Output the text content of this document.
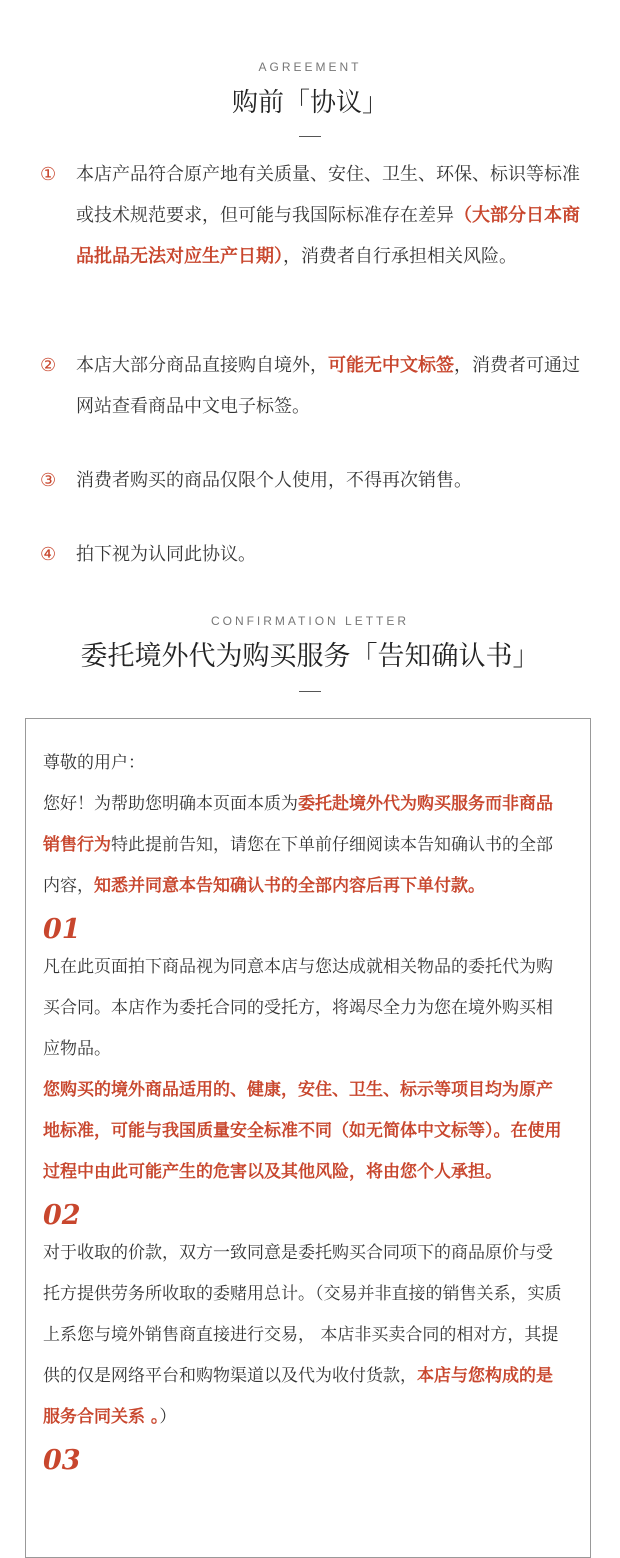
AGREEMENT
购前「协议」
①	本店产品符合原产地有关质量、安住、卫生、环保、标识等标准或技术规范要求，但可能与我国际标准存在差异（大部分日本商品批品无法对应生产日期），消费者自行承担相关风险。
②	本店大部分商品直接购自境外，可能无中文标签，消费者可通过网站查看商品中文电子标签。
③	消费者购买的商品仅限个人使用，不得再次销售。
④	拍下视为认同此协议。
CONFIRMATION LETTER
委托境外代为购买服务「告知确认书」

尊敬的用户：

您好！为帮助您明确本页面本质为委托赴境外代为购买服务而非商品销售行为特此提前告知，请您在下单前仔细阅读本告知确认书的全部内容，知悉并同意本告知确认书的全部内容后再下单付款。

01

凡在此页面拍下商品视为同意本店与您达成就相关物品的委托代为购买合同。本店作为委托合同的受托方，将竭尽全力为您在境外购买相应物品。

您购买的境外商品适用的、健康，安住、卫生、标示等项目均为原产地标准，可能与我国质量安全标准不同（如无简体中文标等）。在使用过程中由此可能产生的危害以及其他风险，将由您个人承担。

02

对于收取的价款，双方一致同意是委托购买合同项下的商品原价与受托方提供劳务所收取的委赌用总计。（交易并非直接的销售关系，实质上系您与境外销售商直接进行交易， 本店非买卖合同的相对方，其提供的仅是网络平台和购物渠道以及代为收付货款，本店与您构成的是服务合同关系 。）

03
